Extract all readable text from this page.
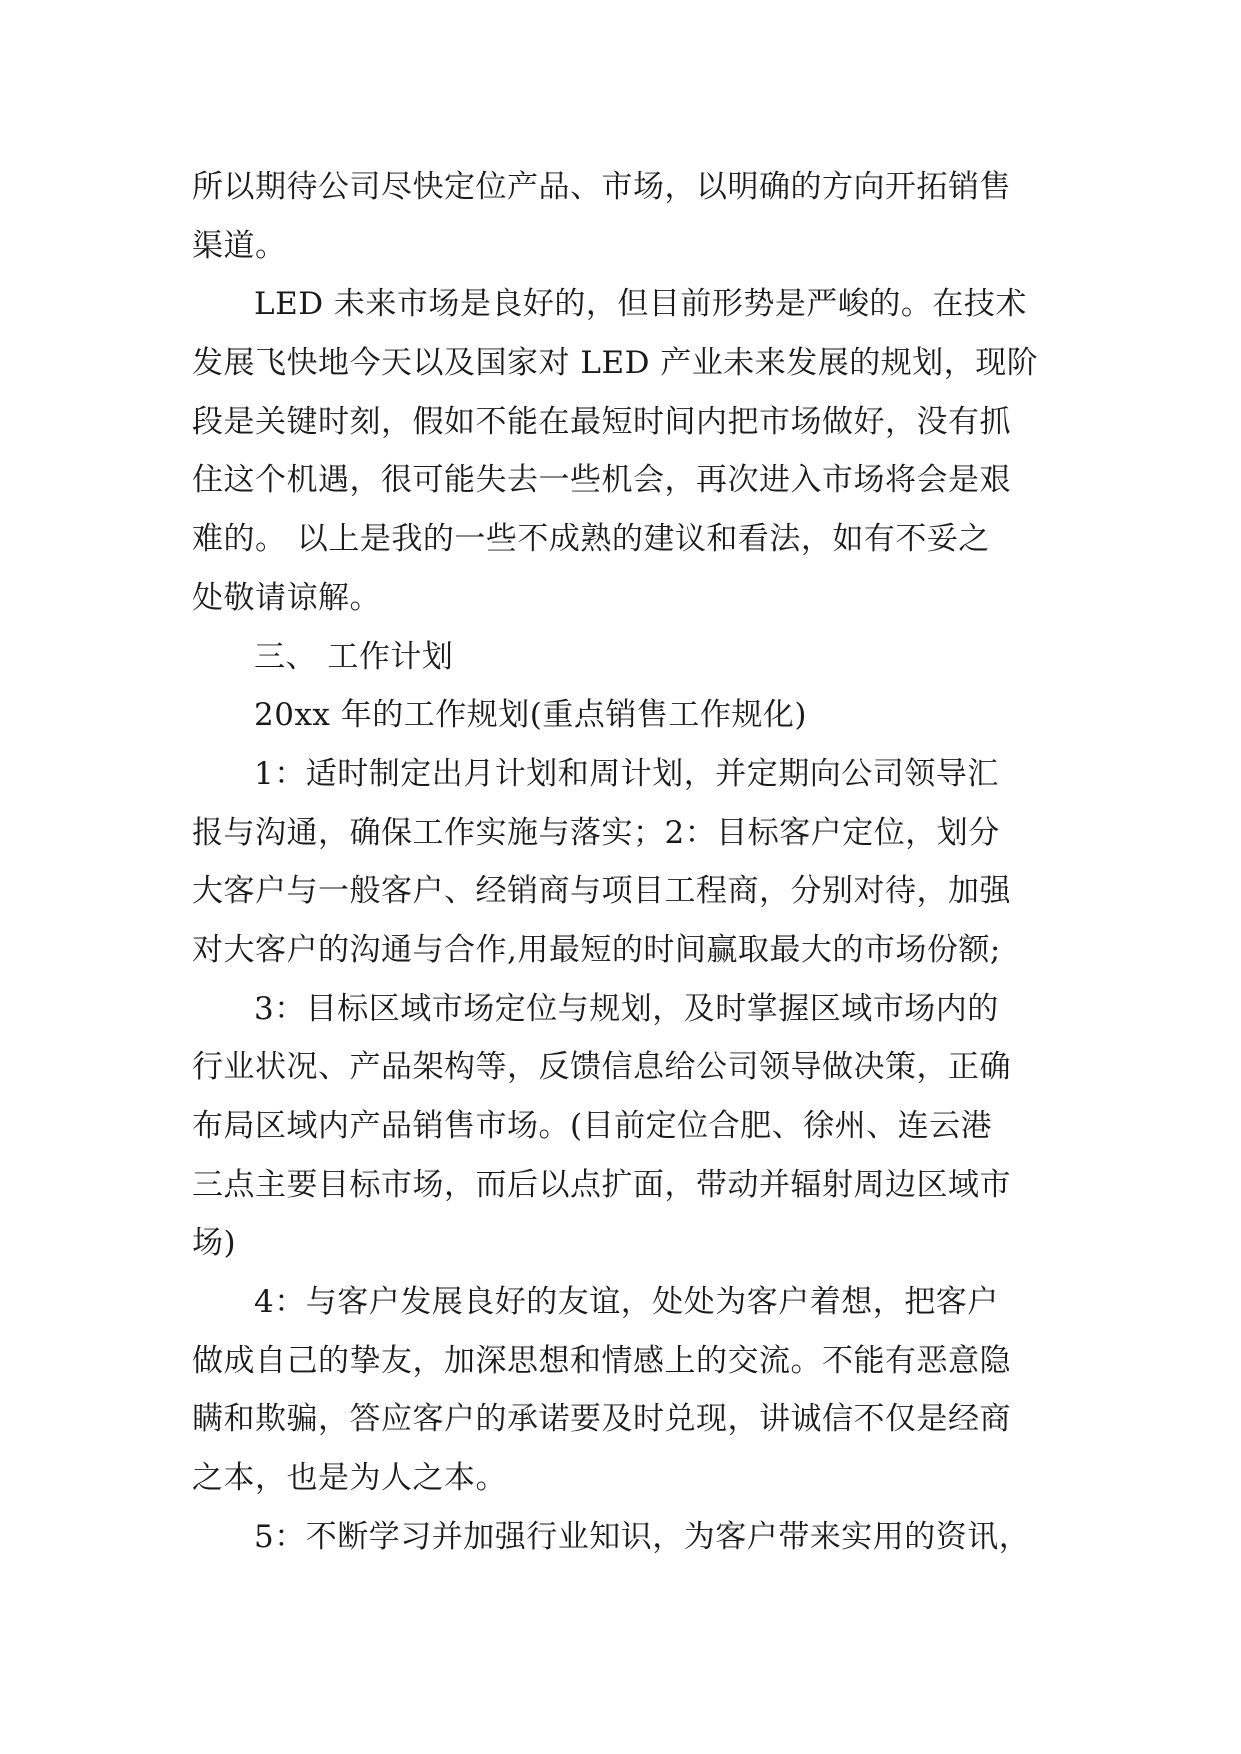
所以期待公司尽快定位产品、市场，以明确的方向开拓销售
渠道。
LED 未来市场是良好的，但目前形势是严峻的。在技术
发展飞快地今天以及国家对 LED 产业未来发展的规划，现阶
段是关键时刻，假如不能在最短时间内把市场做好，没有抓
住这个机遇，很可能失去一些机会，再次进入市场将会是艰
难的。 以上是我的一些不成熟的建议和看法，如有不妥之
处敬请谅解。
三、 工作计划
20xx 年的工作规划(重点销售工作规化)
1：适时制定出月计划和周计划，并定期向公司领导汇
报与沟通，确保工作实施与落实；2：目标客户定位，划分
大客户与一般客户、经销商与项目工程商，分别对待，加强
对大客户的沟通与合作,用最短的时间赢取最大的市场份额;
3：目标区域市场定位与规划，及时掌握区域市场内的
行业状况、产品架构等，反馈信息给公司领导做决策，正确
布局区域内产品销售市场。(目前定位合肥、徐州、连云港
三点主要目标市场，而后以点扩面，带动并辐射周边区域市
场)
4：与客户发展良好的友谊，处处为客户着想，把客户
做成自己的挚友，加深思想和情感上的交流。不能有恶意隐
瞒和欺骗，答应客户的承诺要及时兑现，讲诚信不仅是经商
之本，也是为人之本。
5：不断学习并加强行业知识，为客户带来实用的资讯，
